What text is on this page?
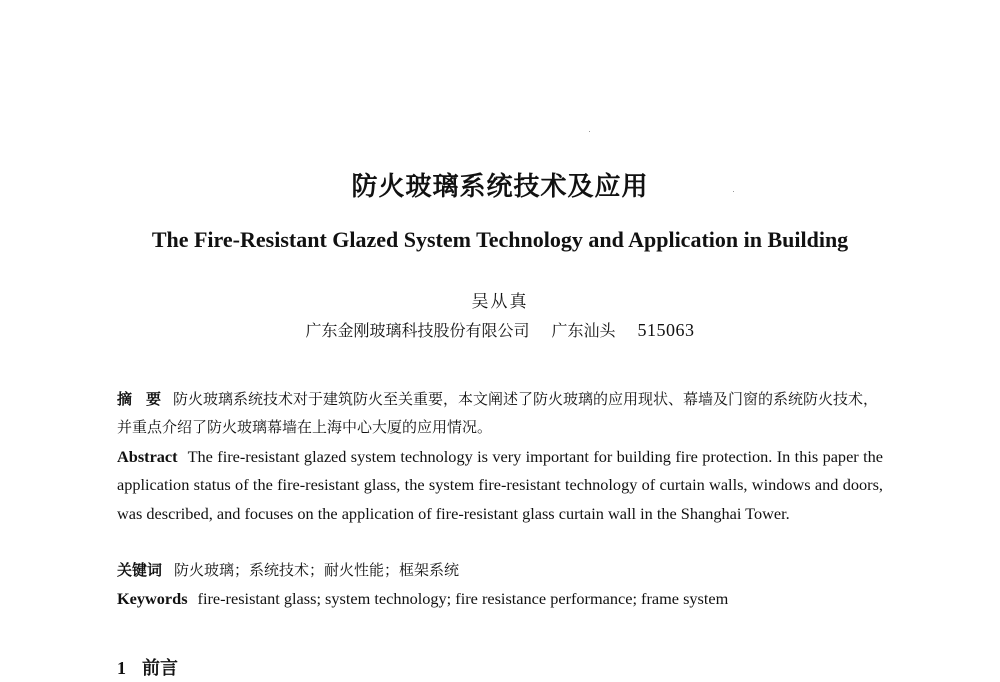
防火玻璃系统技术及应用
The Fire-Resistant Glazed System Technology and Application in Building
吴从真
广东金刚玻璃科技股份有限公司 广东汕头 515063
摘 要 防火玻璃系统技术对于建筑防火至关重要，本文阐述了防火玻璃的应用现状、幕墙及门窗的系统防火技术，并重点介绍了防火玻璃幕墙在上海中心大厦的应用情况。
Abstract The fire-resistant glazed system technology is very important for building fire protection. In this paper the application status of the fire-resistant glass, the system fire-resistant technology of curtain walls, windows and doors, was described, and focuses on the application of fire-resistant glass curtain wall in the Shanghai Tower.
关键词 防火玻璃；系统技术；耐火性能；框架系统
Keywords fire-resistant glass; system technology; fire resistance performance; frame system
1 前言
